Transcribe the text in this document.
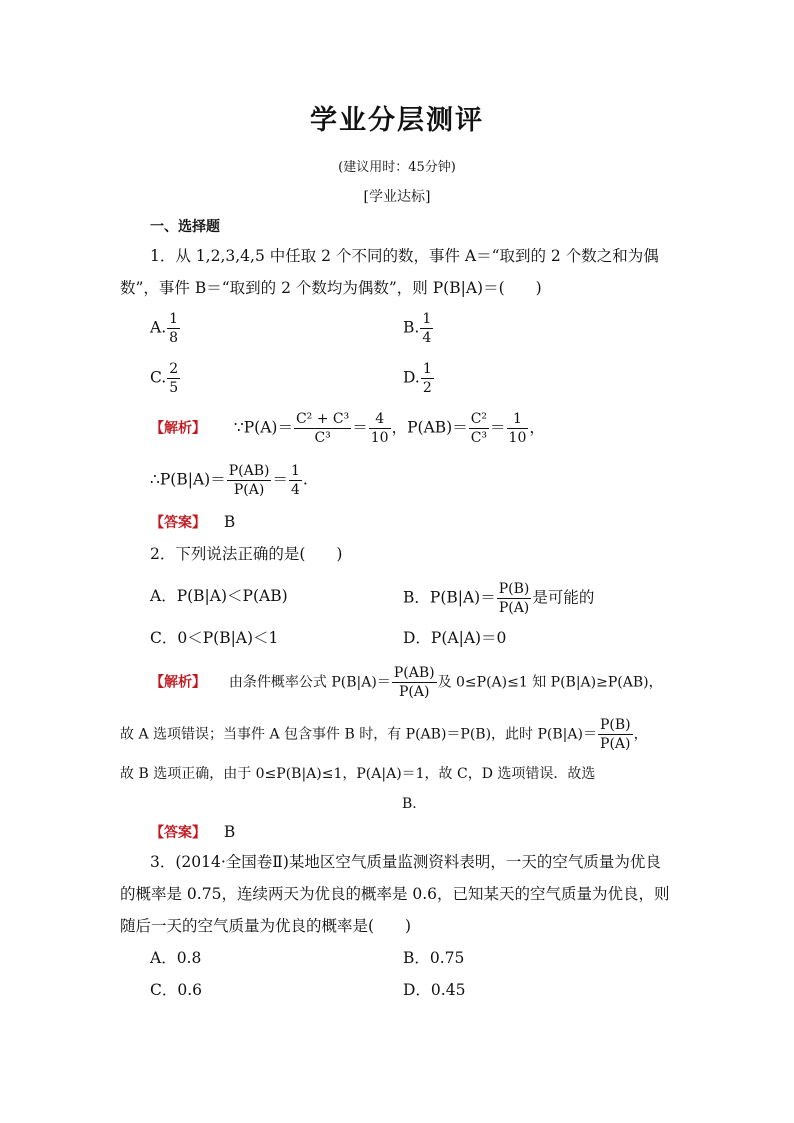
学业分层测评
(建议用时：45分钟)
[学业达标]
一、选择题
1．从 1,2,3,4,5 中任取 2 个不同的数，事件 A＝“取到的 2 个数之和为偶
数”，事件 B＝“取到的 2 个数均为偶数”，则 P(B|A)＝(　　)
A. $\frac{1}{8}$	B. $\frac{1}{4}$
C. $\frac{2}{5}$	D. $\frac{1}{2}$
【解析】 ∵P(A)＝ $\frac{\text{C² + C³}}{\text{C³}} = \frac{4}{10}$ ，$P(AB)= \frac{\text{C²}}{\text{C³}} = \frac{1}{10}$ ，
∴P(B|A)＝ $\frac{P(AB)}{P(A)} = \frac{1}{4}$ .
【答案】 B
2．下列说法正确的是(　　)
A．P(B|A)＜P(AB)	B．$P(B|A)= \frac{P(B)}{P(A)}$ 是可能的
C．0＜P(B|A)＜1	D．P(A|A)＝0
【解析】 由条件概率公式 $P(B|A)= \frac{P(AB)}{P(A)}$ 及 0≤P(A)≤1 知 P(B|A)≥P(AB)，
故 A 选项错误；当事件 A 包含事件 B 时，有 P(AB)＝P(B)，此时 $P(B|A)= \frac{P(B)}{P(A)}$ ，
故 B 选项正确，由于 0≤P(B|A)≤1，P(A|A)＝1，故 C，D 选项错误．故选
B.
【答案】 B
3．(2014·全国卷Ⅱ)某地区空气质量监测资料表明，一天的空气质量为优良
的概率是 0.75，连续两天为优良的概率是 0.6，已知某天的空气质量为优良，则
随后一天的空气质量为优良的概率是(　　)
A．0.8	B．0.75
C．0.6	D．0.45
